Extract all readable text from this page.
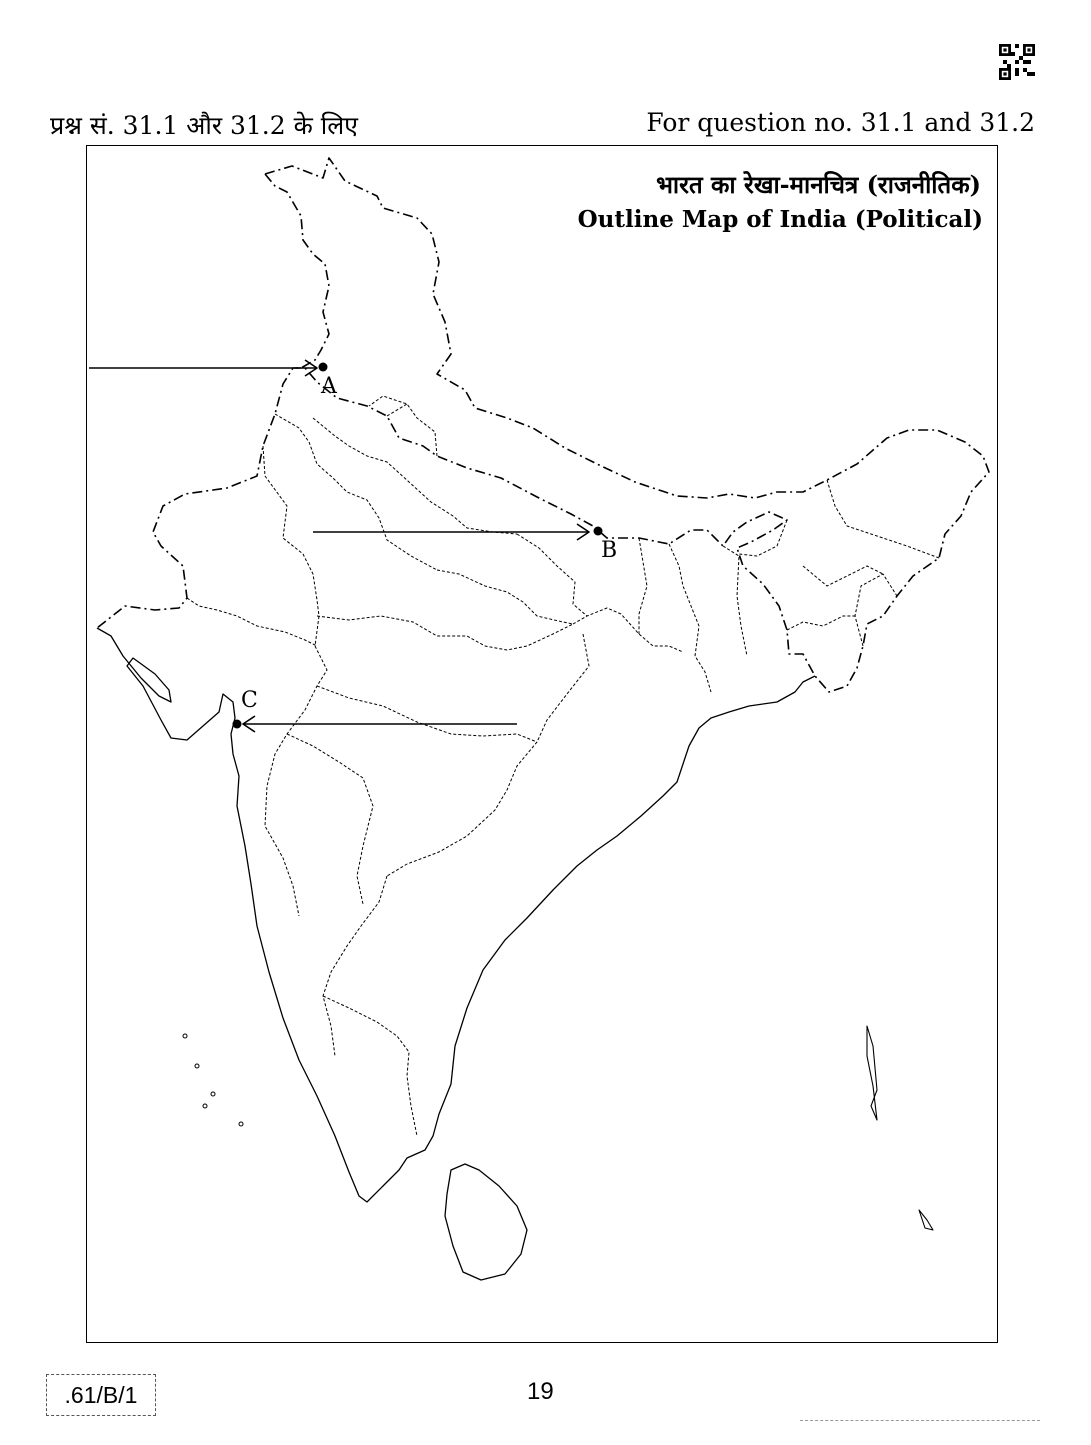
प्रश्न सं. 31.1 और 31.2 के लिए	For question no. 31.1 and 31.2
भारत का रेखा-मानचित्र (राजनीतिक)
Outline Map of India (Political)
A
B
C
.61/B/1	19
